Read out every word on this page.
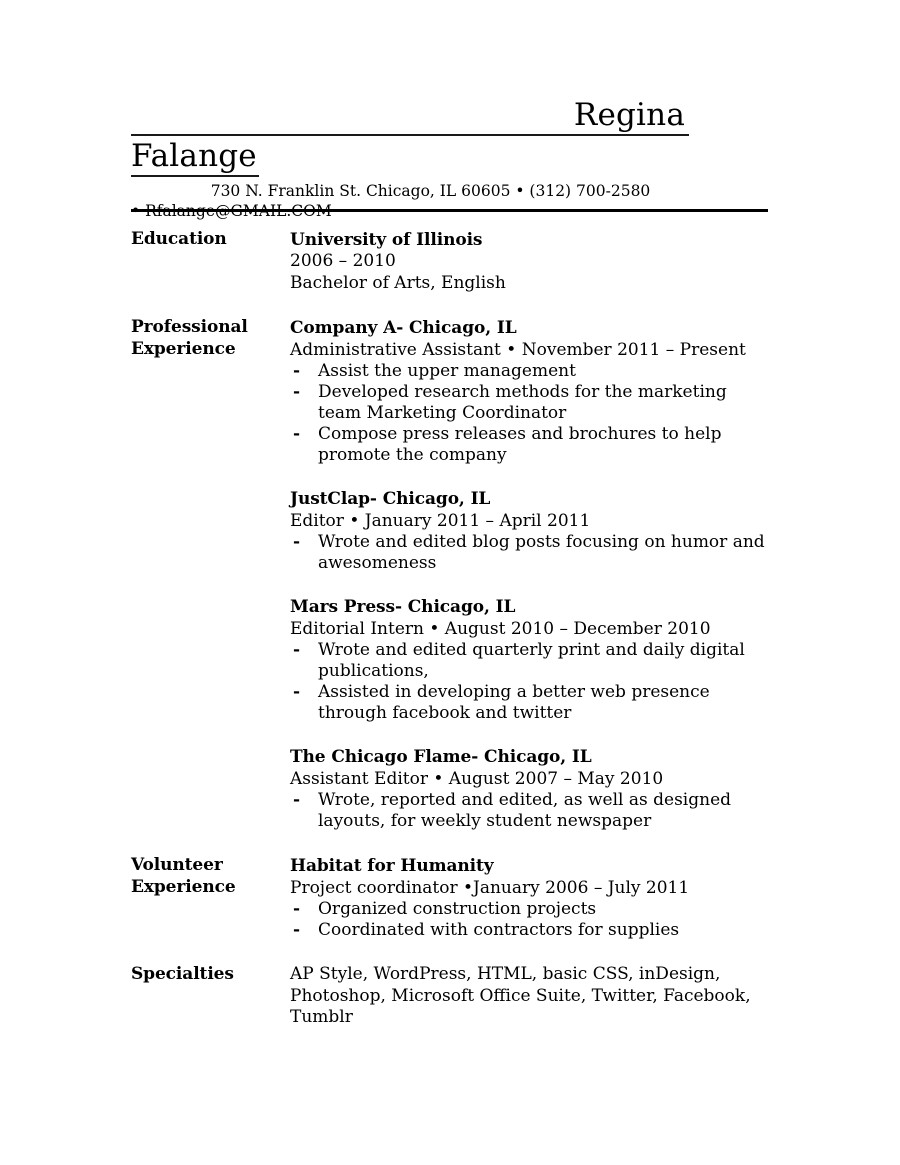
Regina
Falange
730 N. Franklin St. Chicago, IL 60605 • (312) 700-2580
• Rfalange@GMAIL.COM
Education	University of Illinois
2006 – 2010
Bachelor of Arts, English
Professional
Experience
Company A- Chicago, IL
Administrative Assistant • November 2011 – Present
- Assist the upper management
- Developed research methods for the marketing team Marketing Coordinator
- Compose press releases and brochures to help promote the company
JustClap- Chicago, IL
Editor • January 2011 – April 2011
- Wrote and edited blog posts focusing on humor and awesomeness
Mars Press- Chicago, IL
Editorial Intern • August 2010 – December 2010
- Wrote and edited quarterly print and daily digital publications,
- Assisted in developing a better web presence through facebook and twitter
The Chicago Flame- Chicago, IL
Assistant Editor • August 2007 – May 2010
- Wrote, reported and edited, as well as designed layouts, for weekly student newspaper
Volunteer
Experience
Habitat for Humanity
Project coordinator •January 2006 – July 2011
- Organized construction projects
- Coordinated with contractors for supplies
Specialties	AP Style, WordPress, HTML, basic CSS, inDesign, Photoshop, Microsoft Office Suite, Twitter, Facebook, Tumblr
